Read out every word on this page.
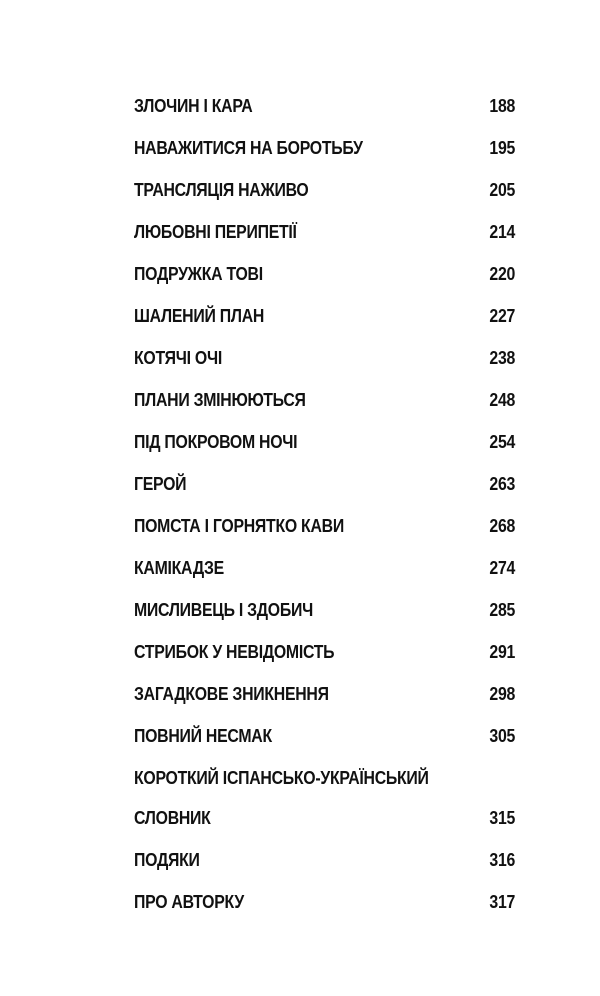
ЗЛОЧИН І КАРА	188
НАВАЖИТИСЯ НА БОРОТЬБУ	195
ТРАНСЛЯЦІЯ НАЖИВО	205
ЛЮБОВНІ ПЕРИПЕТІЇ	214
ПОДРУЖКА ТОВІ	220
ШАЛЕНИЙ ПЛАН	227
КОТЯЧІ ОЧІ	238
ПЛАНИ ЗМІНЮЮТЬСЯ	248
ПІД ПОКРОВОМ НОЧІ	254
ГЕРОЙ	263
ПОМСТА І ГОРНЯТКО КАВИ	268
КАМІКАДЗЕ	274
МИСЛИВЕЦЬ І ЗДОБИЧ	285
СТРИБОК У НЕВІДОМІСТЬ	291
ЗАГАДКОВЕ ЗНИКНЕННЯ	298
ПОВНИЙ НЕСМАК	305
КОРОТКИЙ ІСПАНСЬКО-УКРАЇНСЬКИЙ
СЛОВНИК	315
ПОДЯКИ	316
ПРО АВТОРКУ	317
